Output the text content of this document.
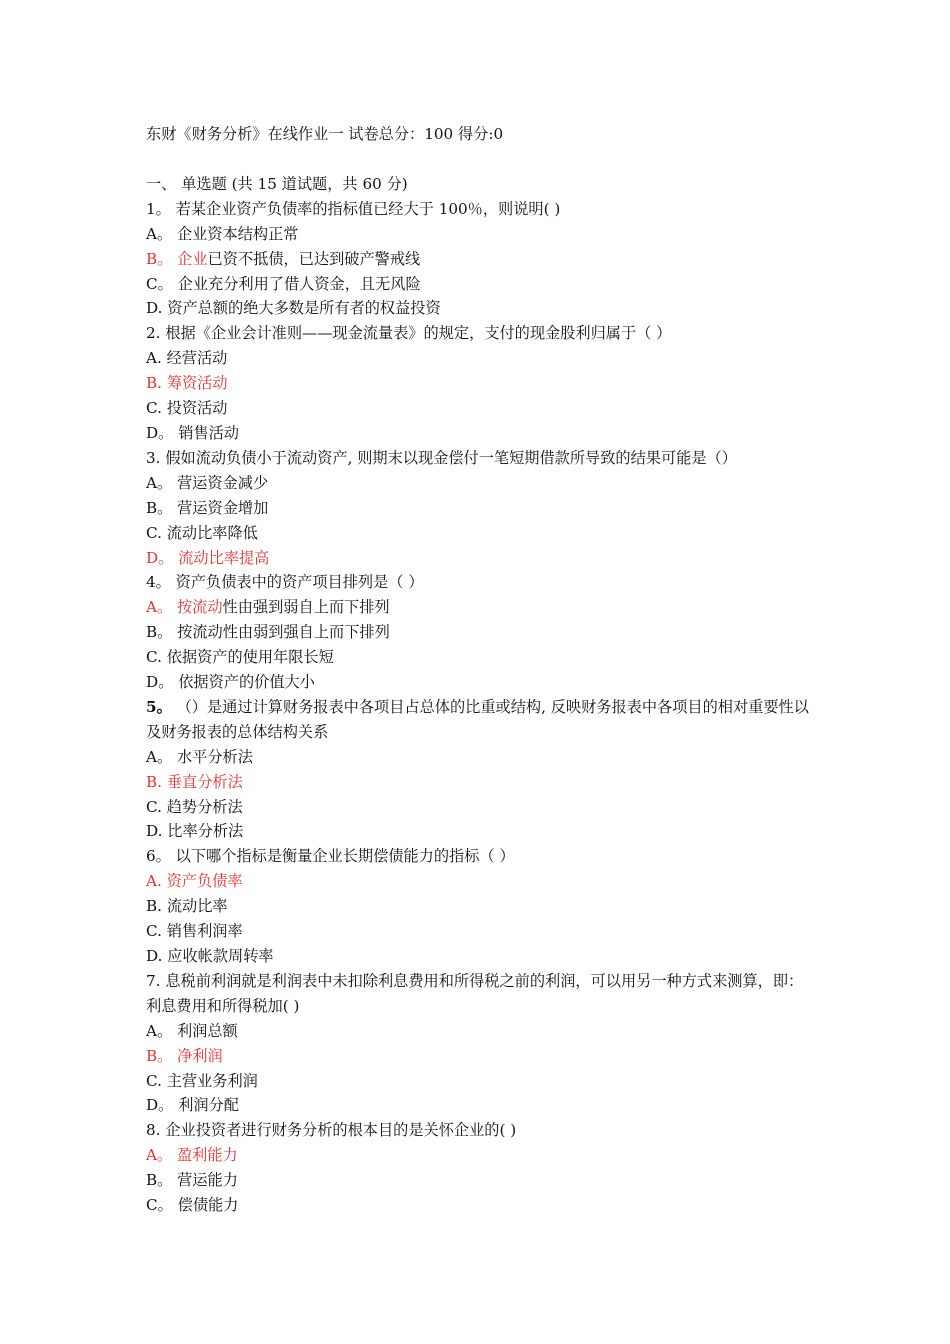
东财《财务分析》在线作业一 试卷总分：100 得分:0

一、 单选题 (共 15 道试题，共 60 分)

1。 若某企业资产负债率的指标值已经大于 100％，则说明( )

A。 企业资本结构正常

B。 企业已资不抵债，已达到破产警戒线

C。 企业充分利用了借人资金，且无风险

D. 资产总额的绝大多数是所有者的权益投资

2. 根据《企业会计准则——现金流量表》的规定，支付的现金股利归属于（ ）

A. 经营活动

B. 筹资活动

C. 投资活动

D。 销售活动

3. 假如流动负债小于流动资产, 则期末以现金偿付一笔短期借款所导致的结果可能是（）

A。 营运资金减少

B。 营运资金增加

C. 流动比率降低

D。 流动比率提高

4。 资产负债表中的资产项目排列是（ ）

A。 按流动性由强到弱自上而下排列

B。 按流动性由弱到强自上而下排列

C. 依据资产的使用年限长短

D。 依据资产的价值大小

5。 （）是通过计算财务报表中各项目占总体的比重或结构, 反映财务报表中各项目的相对重要性以及财务报表的总体结构关系

A。 水平分析法

B. 垂直分析法

C. 趋势分析法

D. 比率分析法

6。 以下哪个指标是衡量企业长期偿债能力的指标（ ）

A. 资产负债率

B. 流动比率

C. 销售利润率

D. 应收帐款周转率

7. 息税前利润就是利润表中未扣除利息费用和所得税之前的利润，可以用另一种方式来测算，即：利息费用和所得税加( )

A。 利润总额

B。 净利润

C. 主营业务利润

D。 利润分配

8. 企业投资者进行财务分析的根本目的是关怀企业的( )

A。 盈利能力

B。 营运能力

C。 偿债能力
